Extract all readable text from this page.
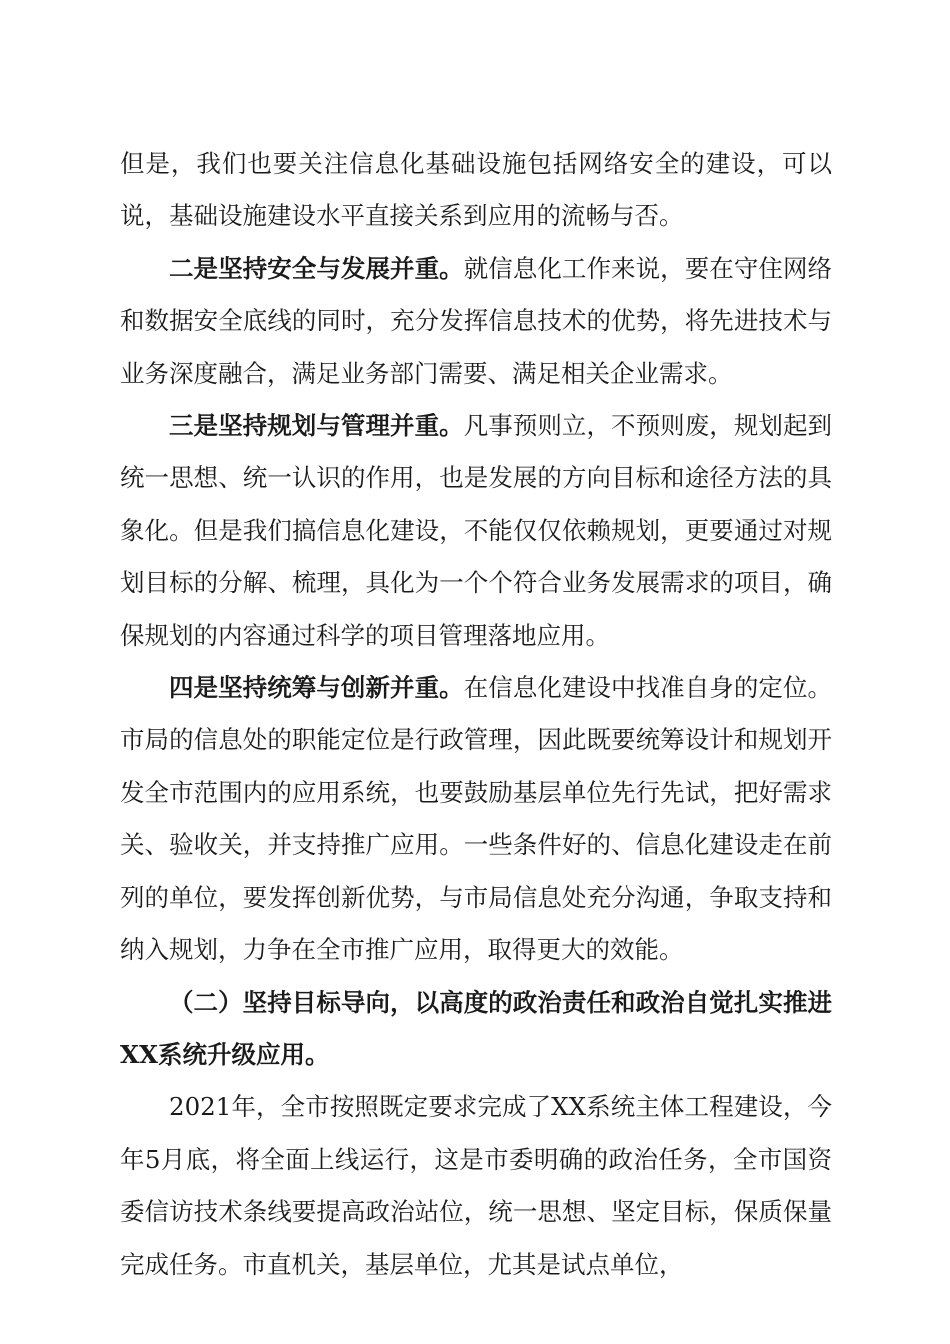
但是，我们也要关注信息化基础设施包括网络安全的建设，可以说，基础设施建设水平直接关系到应用的流畅与否。

二是坚持安全与发展并重。就信息化工作来说，要在守住网络和数据安全底线的同时，充分发挥信息技术的优势，将先进技术与业务深度融合，满足业务部门需要、满足相关企业需求。

三是坚持规划与管理并重。凡事预则立，不预则废，规划起到统一思想、统一认识的作用，也是发展的方向目标和途径方法的具象化。但是我们搞信息化建设，不能仅仅依赖规划，更要通过对规划目标的分解、梳理，具化为一个个符合业务发展需求的项目，确保规划的内容通过科学的项目管理落地应用。

四是坚持统筹与创新并重。在信息化建设中找准自身的定位。市局的信息处的职能定位是行政管理，因此既要统筹设计和规划开发全市范围内的应用系统，也要鼓励基层单位先行先试，把好需求关、验收关，并支持推广应用。一些条件好的、信息化建设走在前列的单位，要发挥创新优势，与市局信息处充分沟通，争取支持和纳入规划，力争在全市推广应用，取得更大的效能。

（二）坚持目标导向，以高度的政治责任和政治自觉扎实推进XX系统升级应用。

2021年，全市按照既定要求完成了XX系统主体工程建设，今年5月底，将全面上线运行，这是市委明确的政治任务，全市国资委信访技术条线要提高政治站位，统一思想、坚定目标，保质保量完成任务。市直机关，基层单位，尤其是试点单位，
